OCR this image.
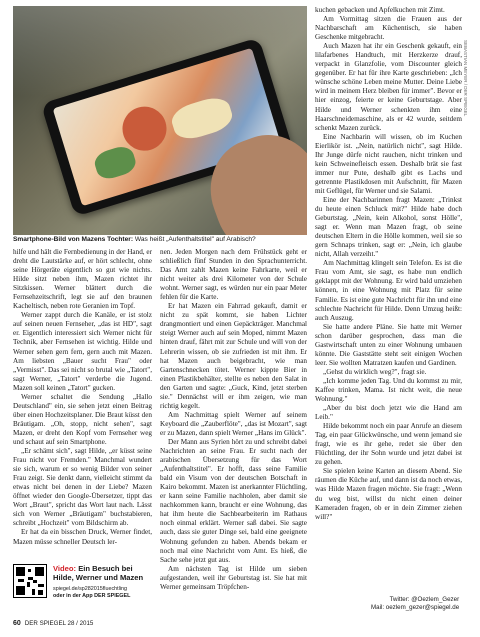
SEBASTIAN MEYER / DER SPIEGEL
Smartphone-Bild von Mazens Tochter: Was heißt „Aufenthaltstitel" auf Arabisch?

hilfe und hält die Fernbedienung in der Hand, er dreht die Lautstärke auf, er hört schlecht, ohne seine Hörgeräte eigentlich so gut wie nichts. Hilde sitzt neben ihm, Mazen richtet ihr Sitzkissen. Werner blättert durch die Fernsehzeitschrift, legt sie auf den braunen Kacheltisch, neben rote Geranien im Topf.

Werner zappt durch die Kanäle, er ist stolz auf seinen neuen Fernseher, „das ist HD", sagt er. Eigentlich interessiert sich Werner nicht für Technik, aber Fernsehen ist wichtig. Hilde und Werner sehen gern fern, gern auch mit Mazen. Am liebsten „Bauer sucht Frau" oder „Vermisst". Das sei nicht so brutal wie „Tatort", sagt Werner, „Tatort" verderbe die Jugend. Mazen soll keinen „Tatort" gucken.

Werner schaltet die Sendung „Hallo Deutschland" ein, sie sehen jetzt einen Beitrag über einen Hochzeitsplaner. Die Braut küsst den Bräutigam. „Oh, stopp, nicht sehen", sagt Mazen, er dreht den Kopf vom Fernseher weg und schaut auf sein Smartphone.

„Er schämt sich", sagt Hilde, „er küsst seine Frau nicht vor Fremden." Manchmal wundert sie sich, warum er so wenig Bilder von seiner Frau zeigt. Sie denkt dann, vielleicht stimmt da etwas nicht bei denen in der Liebe? Mazen öffnet wieder den Google-Übersetzer, tippt das Wort „Braut", spricht das Wort laut nach. Lässt sich von Werner „Bräutigam" buchstabieren, schreibt „Hochzeit" vom Bildschirm ab.

Er hat da ein bisschen Druck, Werner findet, Mazen müsse schneller Deutsch ler-

Video: Ein Besuch bei Hilde, Werner und Mazen
spiegel.de/sp282015fluechtling
oder in der App DER SPIEGEL

nen. Jeden Morgen nach dem Frühstück geht er schließlich fünf Stunden in den Sprachunterricht. Das Amt zahlt Mazen keine Fahrkarte, weil er nicht weiter als drei Kilometer von der Schule wohnt. Werner sagt, es würden nur ein paar Meter fehlen für die Karte.

Er hat Mazen ein Fahrrad gekauft, damit er nicht zu spät kommt, sie haben Lichter drangmontiert und einen Gepäckträger. Manchmal steigt Werner auch auf sein Moped, nimmt Mazen hinten drauf, fährt mit zur Schule und will von der Lehrerin wissen, ob sie zufrieden ist mit ihm. Er hat Mazen auch beigebracht, wie man Gartenschnecken tötet. Werner kippte Bier in einen Plastikbehälter, stellte es neben den Salat in den Garten und sagte: „Guck, Kind, jetzt sterben sie." Dennächst will er ihm zeigen, wie man richtig kegelt.

Am Nachmittag spielt Werner auf seinem Keyboard die „Zauberflöte", „das ist Mozart", sagt er zu Mazen, dann spielt Werner „Hans im Glück".

Der Mann aus Syrien hört zu und schreibt dabei Nachrichten an seine Frau. Er sucht nach der arabischen Übersetzung für das Wort „Aufenthaltstitel". Er hofft, dass seine Familie bald ein Visum von der deutschen Botschaft in Kairo bekommt. Mazen ist anerkannter Flüchtling, er kann seine Familie nachholen, aber damit sie nachkommen kann, braucht er eine Wohnung, das hat ihm heute die Sachbearbeiterin im Rathaus noch einmal erklärt. Werner saß dabei. Sie sagte auch, dass sie guter Dinge sei, bald eine geeignete Wohnung gefunden zu haben. Abends bekam er noch mal eine Nachricht vom Amt. Es hieß, die Sache sehe jetzt gut aus.

Am nächsten Tag ist Hilde um sieben aufgestanden, weil ihr Geburtstag ist. Sie hat mit Werner gemeinsam Tröpfchen-

kuchen gebacken und Apfelkuchen mit Zimt.

Am Vormittag sitzen die Frauen aus der Nachbarschaft am Küchentisch, sie haben Geschenke mitgebracht.

Auch Mazen hat ihr ein Geschenk gekauft, ein lilafarbenes Handtuch, mit Herzkerze drauf, verpackt in Glanzfolie, vom Discounter gleich gegenüber. Er hat für ihre Karte geschrieben: „Ich wünsche schöne Leben meine Mutter. Deine Liebe wird in meinem Herz bleiben für immer". Bevor er hier einzog, feierte er keine Geburtstage. Aber Hilde und Werner schenkten ihm eine Haarschneidemaschine, als er 42 wurde, seitdem schenkt Mazen zurück.

Eine Nachbarin will wissen, ob im Kuchen Eierlikör ist. „Nein, natürlich nicht", sagt Hilde. Ihr Junge dürfe nicht rauchen, nicht trinken und kein Schweinefleisch essen. Deshalb brät sie fast immer nur Pute, deshalb gibt es Lachs und getrennte Plastikdosen mit Aufschnitt, für Mazen mit Geflügel, für Werner und sie Salami.

Eine der Nachbarinnen fragt Mazen: „Trinkst du heute einen Schluck mit?" Hilde habe doch Geburtstag. „Nein, kein Alkohol, sonst Hölle", sagt er. Wenn man Mazen fragt, ob seine deutschen Eltern in die Hölle kommen, weil sie so gern Schnaps trinken, sagt er: „Nein, ich glaube nicht, Allah verzeiht."

Am Nachmittag klingelt sein Telefon. Es ist die Frau vom Amt, sie sagt, es habe nun endlich geklappt mit der Wohnung. Er wird bald umziehen können, in eine Wohnung mit Platz für seine Familie. Es ist eine gute Nachricht für ihn und eine schlechte Nachricht für Hilde. Denn Umzug heißt: auch Auszug.

Sie hatte andere Pläne. Sie hatte mit Werner schon darüber gesprochen, dass man die Gastwirtschaft unten zu einer Wohnung umbauen könnte. Die Gaststätte steht seit einigen Wochen leer. Sie wollten Matratzen kaufen und Gardinen.

„Gehst du wirklich weg?", fragt sie.

„Ich komme jeden Tag. Und du kommst zu mir, Kaffee trinken, Mama. Ist nicht weit, die neue Wohnung."

„Aber du bist doch jetzt wie die Hand am Leib."

Hilde bekommt noch ein paar Anrufe an diesem Tag, ein paar Glückwünsche, und wenn jemand sie fragt, wie es ihr gehe, redet sie über den Flüchtling, der ihr Sohn wurde und jetzt dabei ist zu gehen.

Sie spielen keine Karten an diesem Abend. Sie räumen die Küche auf, und dann ist da noch etwas, was Hilde Mazen fragen möchte. Sie fragt: „Wenn du weg bist, willst du nicht einen deiner Kameraden fragen, ob er in dein Zimmer ziehen will?"

Twitter: @Oezlem_Gezer
Mail: oezlem_gezer@spiegel.de
60 DER SPIEGEL 28 / 2015
